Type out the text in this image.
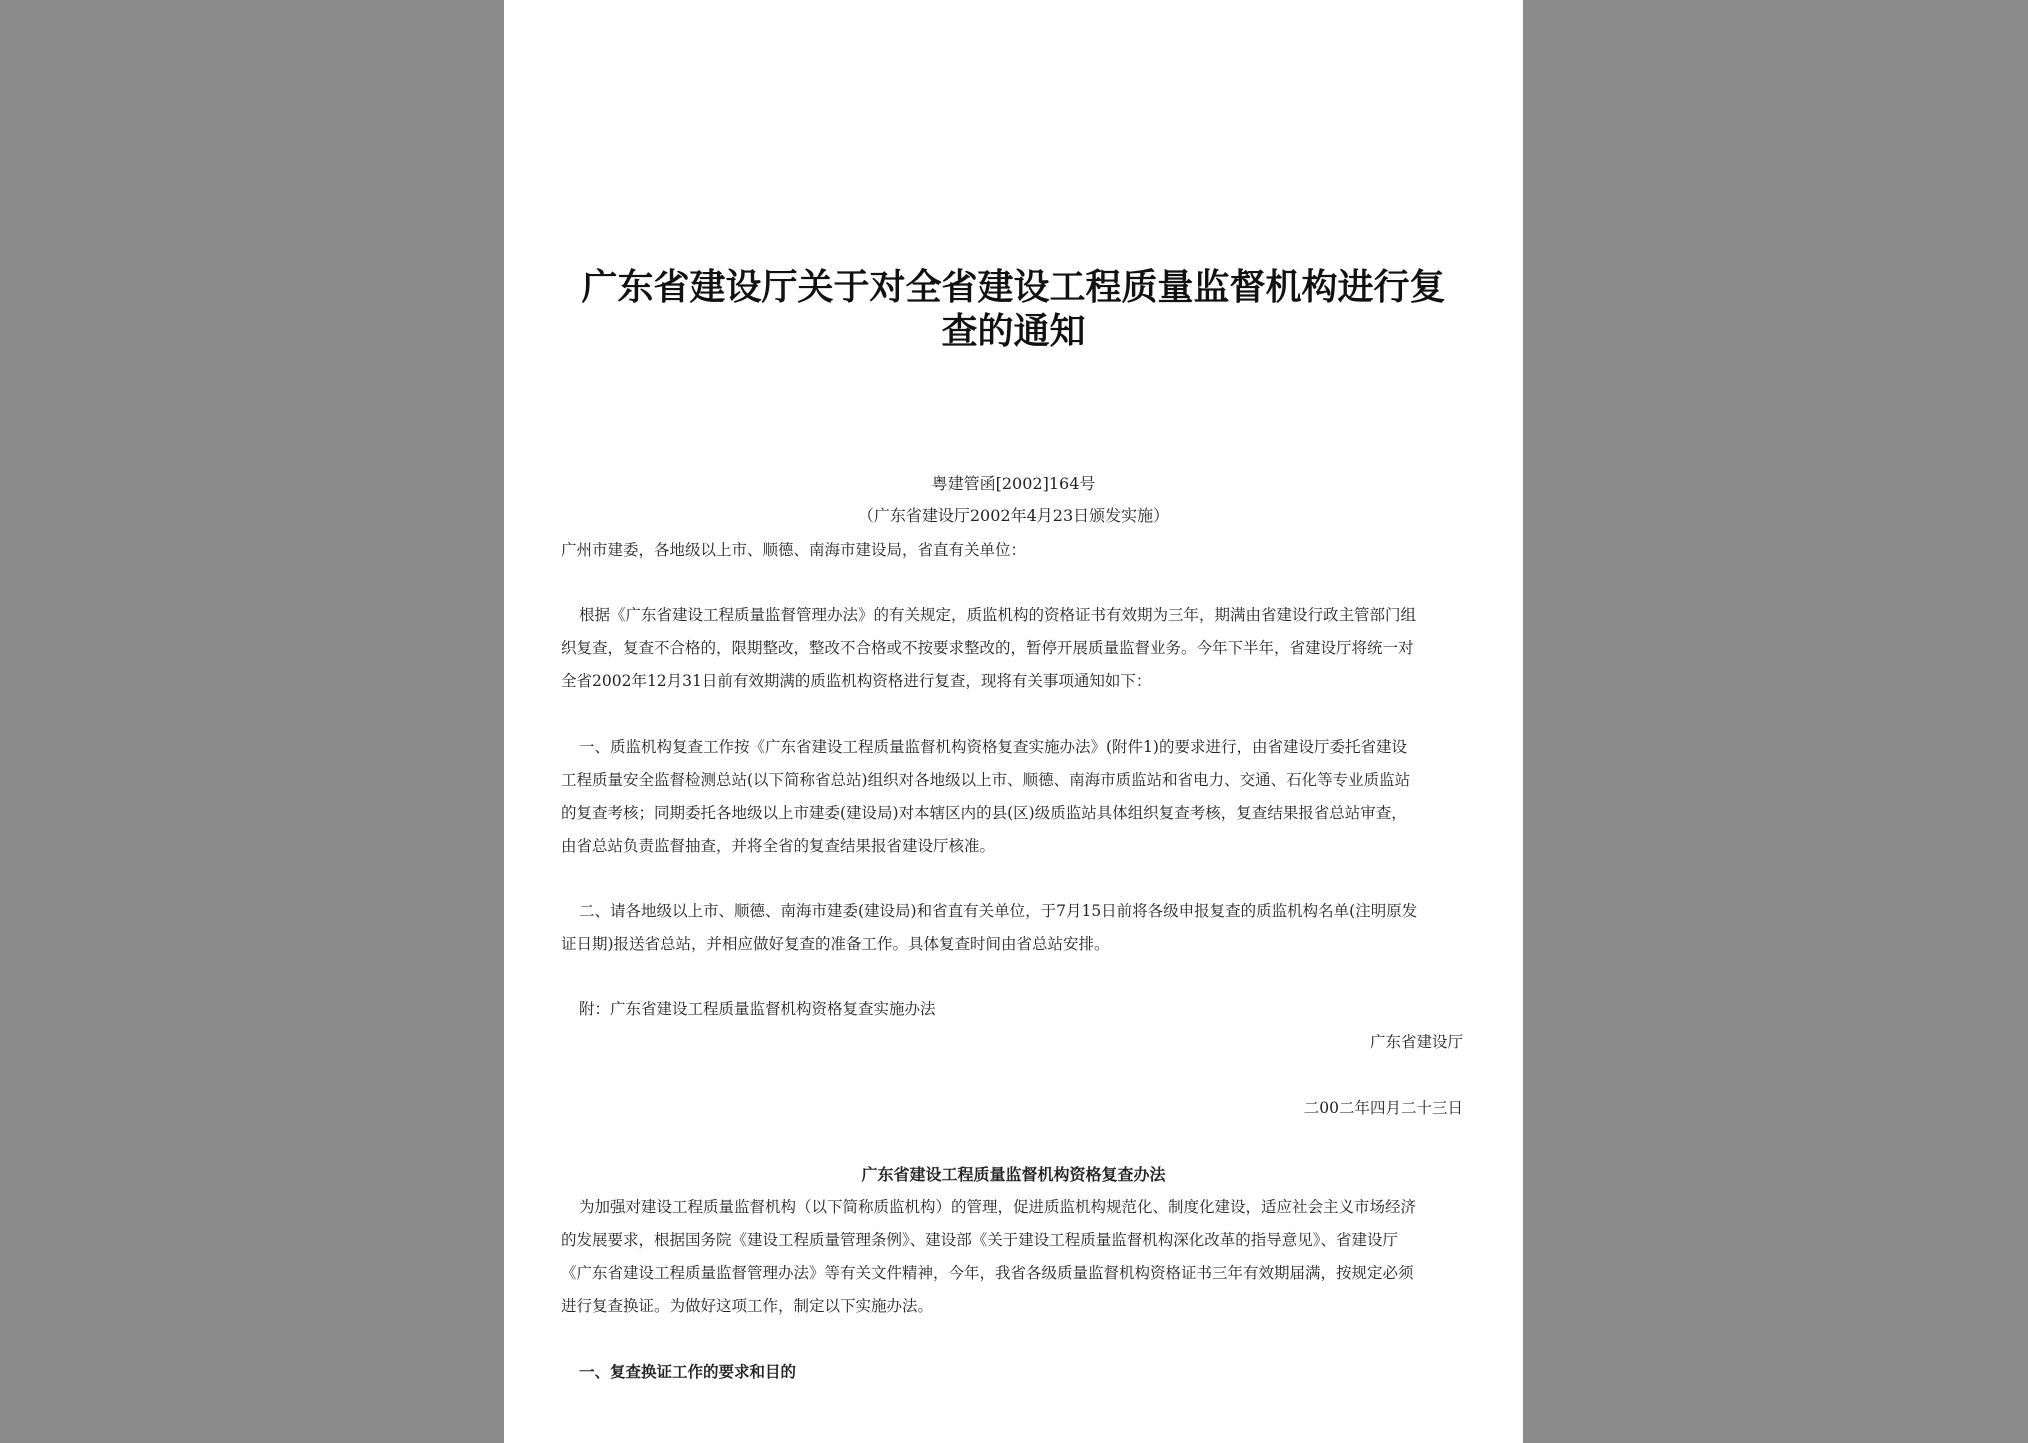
广东省建设厅关于对全省建设工程质量监督机构进行复
查的通知
粤建管函[2002]164号
（广东省建设厅2002年4月23日颁发实施）
广州市建委，各地级以上市、顺德、南海市建设局，省直有关单位：
根据《广东省建设工程质量监督管理办法》的有关规定，质监机构的资格证书有效期为三年，期满由省建设行政主管部门组
织复查，复查不合格的，限期整改，整改不合格或不按要求整改的，暂停开展质量监督业务。今年下半年，省建设厅将统一对
全省2002年12月31日前有效期满的质监机构资格进行复查，现将有关事项通知如下：
一、质监机构复查工作按《广东省建设工程质量监督机构资格复查实施办法》(附件1)的要求进行，由省建设厅委托省建设
工程质量安全监督检测总站(以下简称省总站)组织对各地级以上市、顺德、南海市质监站和省电力、交通、石化等专业质监站
的复查考核；同期委托各地级以上市建委(建设局)对本辖区内的县(区)级质监站具体组织复查考核，复查结果报省总站审查，
由省总站负责监督抽查，并将全省的复查结果报省建设厅核准。
二、请各地级以上市、顺德、南海市建委(建设局)和省直有关单位，于7月15日前将各级申报复查的质监机构名单(注明原发
证日期)报送省总站，并相应做好复查的准备工作。具体复查时间由省总站安排。
附：广东省建设工程质量监督机构资格复查实施办法
广东省建设厅
二00二年四月二十三日
广东省建设工程质量监督机构资格复查办法
为加强对建设工程质量监督机构（以下简称质监机构）的管理，促进质监机构规范化、制度化建设，适应社会主义市场经济
的发展要求，根据国务院《建设工程质量管理条例》、建设部《关于建设工程质量监督机构深化改革的指导意见》、省建设厅
《广东省建设工程质量监督管理办法》等有关文件精神，今年，我省各级质量监督机构资格证书三年有效期届满，按规定必须
进行复查换证。为做好这项工作，制定以下实施办法。
一、复查换证工作的要求和目的
